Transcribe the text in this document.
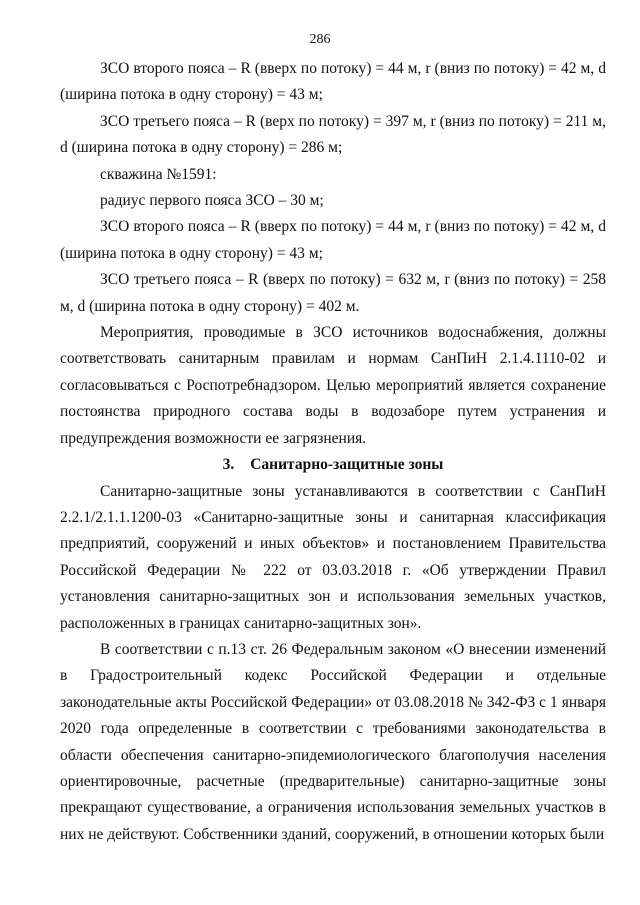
286

ЗСО второго пояса – R (вверх по потоку) = 44 м, r (вниз по потоку) = 42 м, d (ширина потока в одну сторону) = 43 м;

ЗСО третьего пояса – R (верх по потоку) = 397 м, r (вниз по потоку) = 211 м, d (ширина потока в одну сторону) = 286 м;

скважина №1591:

радиус первого пояса ЗСО – 30 м;

ЗСО второго пояса – R (вверх по потоку) = 44 м, r (вниз по потоку) = 42 м, d (ширина потока в одну сторону) = 43 м;

ЗСО третьего пояса – R (вверх по потоку) = 632 м, r (вниз по потоку) = 258 м, d (ширина потока в одну сторону) = 402 м.

Мероприятия, проводимые в ЗСО источников водоснабжения, должны соответствовать санитарным правилам и нормам СанПиН 2.1.4.1110-02 и согласовываться с Роспотребнадзором. Целью мероприятий является сохранение постоянства природного состава воды в водозаборе путем устранения и предупреждения возможности ее загрязнения.

3. Санитарно-защитные зоны

Санитарно-защитные зоны устанавливаются в соответствии с СанПиН 2.2.1/2.1.1.1200-03 «Санитарно-защитные зоны и санитарная классификация предприятий, сооружений и иных объектов» и постановлением Правительства Российской Федерации № 222 от 03.03.2018 г. «Об утверждении Правил установления санитарно-защитных зон и использования земельных участков, расположенных в границах санитарно-защитных зон».

В соответствии с п.13 ст. 26 Федеральным законом «О внесении изменений в Градостроительный кодекс Российской Федерации и отдельные законодательные акты Российской Федерации» от 03.08.2018 № 342-ФЗ с 1 января 2020 года определенные в соответствии с требованиями законодательства в области обеспечения санитарно-эпидемиологического благополучия населения ориентировочные, расчетные (предварительные) санитарно-защитные зоны прекращают существование, а ограничения использования земельных участков в них не действуют. Собственники зданий, сооружений, в отношении которых были
